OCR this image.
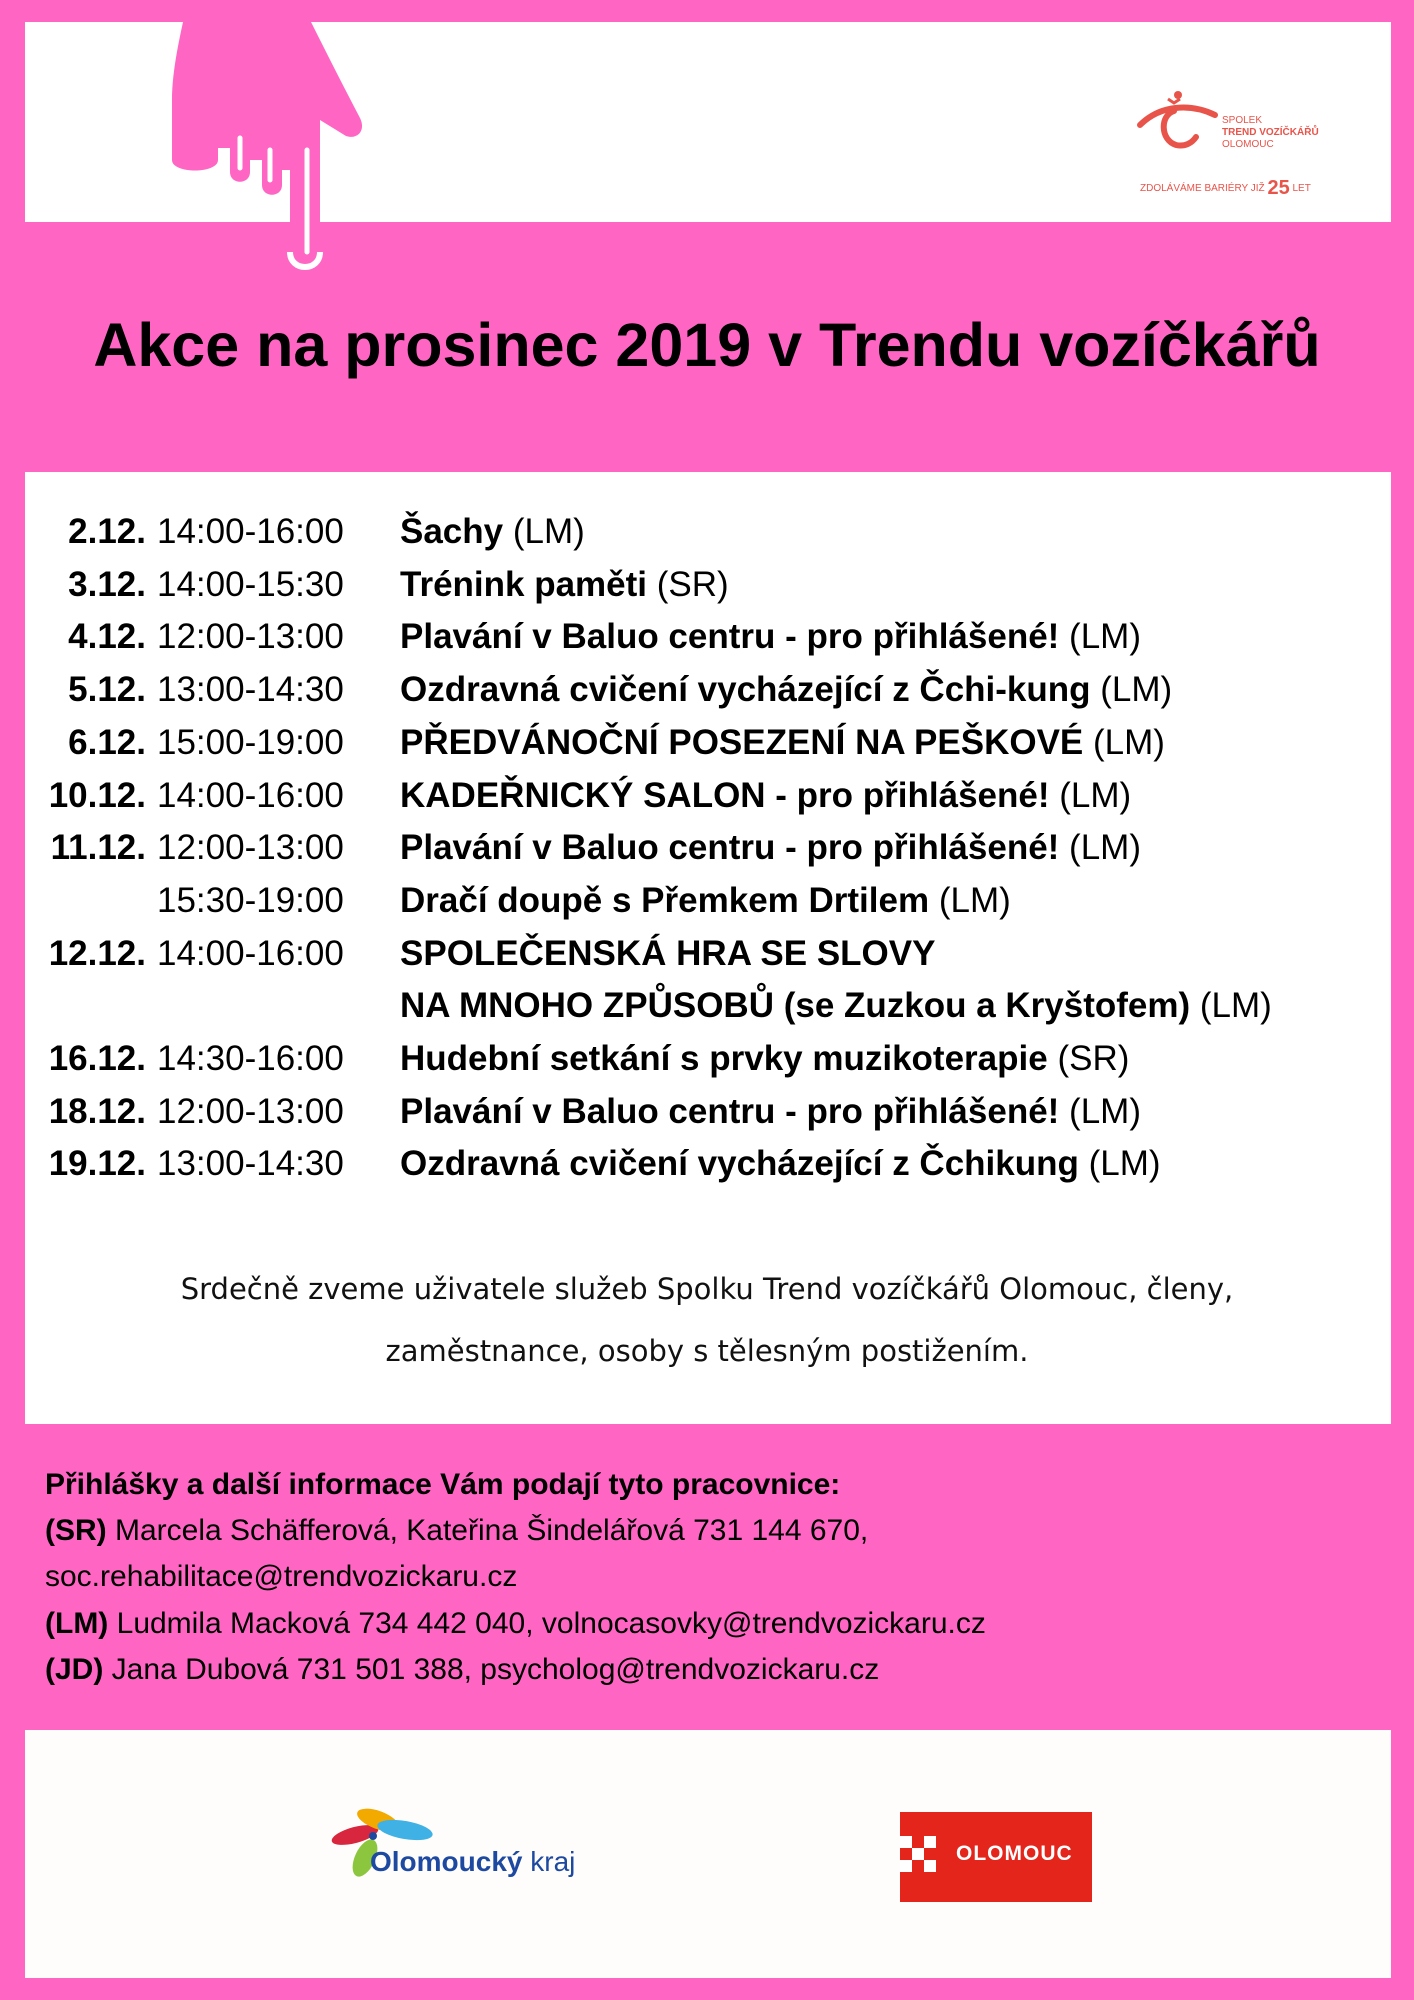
SPOLEK
TREND VOZÍČKÁŘŮ
OLOMOUC
ZDOLÁVÁME BARIÉRY JIŽ 25 LET
Akce na prosinec 2019 v Trendu vozíčkářů
2.12. 14:00-16:00 Šachy (LM)
3.12. 14:00-15:30 Trénink paměti (SR)
4.12. 12:00-13:00 Plavání v Baluo centru - pro přihlášené! (LM)
5.12. 13:00-14:30 Ozdravná cvičení vycházející z Čchi-kung (LM)
6.12. 15:00-19:00 PŘEDVÁNOČNÍ POSEZENÍ NA PEŠKOVÉ (LM)
10.12. 14:00-16:00 KADEŘNICKÝ SALON - pro přihlášené! (LM)
11.12. 12:00-13:00 Plavání v Baluo centru - pro přihlášené! (LM)
15:30-19:00 Dračí doupě s Přemkem Drtilem (LM)
12.12. 14:00-16:00 SPOLEČENSKÁ HRA SE SLOVY
NA MNOHO ZPŮSOBŮ (se Zuzkou a Kryštofem) (LM)
16.12. 14:30-16:00 Hudební setkání s prvky muzikoterapie (SR)
18.12. 12:00-13:00 Plavání v Baluo centru - pro přihlášené! (LM)
19.12. 13:00-14:30 Ozdravná cvičení vycházející z Čchikung (LM)
Srdečně zveme uživatele služeb Spolku Trend vozíčkářů Olomouc, členy,
zaměstnance, osoby s tělesným postižením.
Přihlášky a další informace Vám podají tyto pracovnice:
(SR) Marcela Schäfferová, Kateřina Šindelářová 731 144 670,
soc.rehabilitace@trendvozickaru.cz
(LM) Ludmila Macková 734 442 040, volnocasovky@trendvozickaru.cz
(JD) Jana Dubová 731 501 388, psycholog@trendvozickaru.cz
Olomoucký kraj	OLOMOUC
